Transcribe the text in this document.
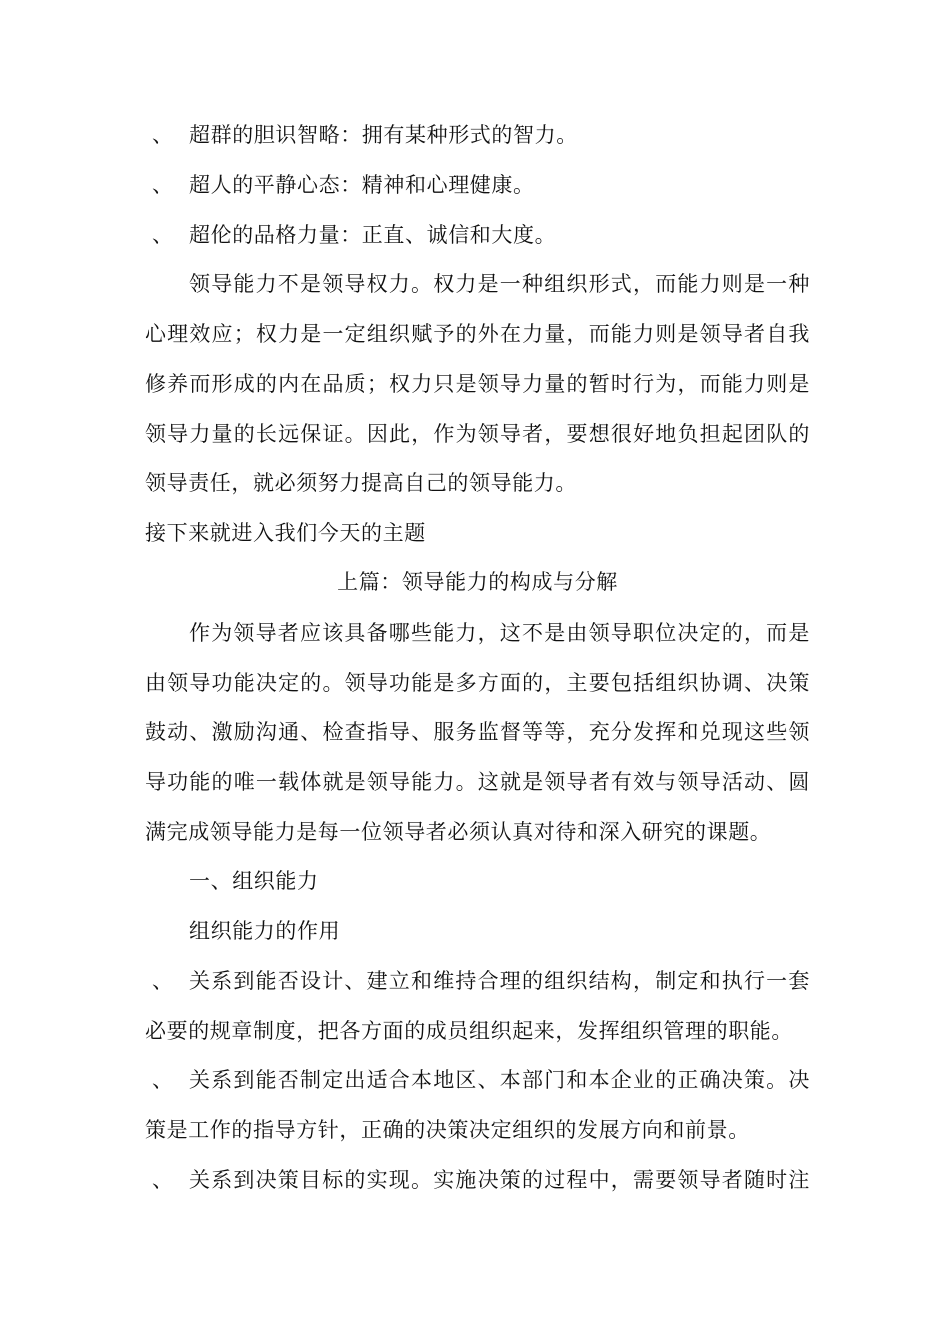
、 超群的胆识智略：拥有某种形式的智力。
、 超人的平静心态：精神和心理健康。
、 超伦的品格力量：正直、诚信和大度。
领导能力不是领导权力。权力是一种组织形式，而能力则是一种
心理效应；权力是一定组织赋予的外在力量，而能力则是领导者自我
修养而形成的内在品质；权力只是领导力量的暂时行为，而能力则是
领导力量的长远保证。因此，作为领导者，要想很好地负担起团队的
领导责任，就必须努力提高自己的领导能力。
接下来就进入我们今天的主题
上篇：领导能力的构成与分解
作为领导者应该具备哪些能力，这不是由领导职位决定的，而是
由领导功能决定的。领导功能是多方面的，主要包括组织协调、决策
鼓动、激励沟通、检查指导、服务监督等等，充分发挥和兑现这些领
导功能的唯一载体就是领导能力。这就是领导者有效与领导活动、圆
满完成领导能力是每一位领导者必须认真对待和深入研究的课题。
一、组织能力
组织能力的作用
、 关系到能否设计、建立和维持合理的组织结构，制定和执行一套
必要的规章制度，把各方面的成员组织起来，发挥组织管理的职能。
、 关系到能否制定出适合本地区、本部门和本企业的正确决策。决
策是工作的指导方针，正确的决策决定组织的发展方向和前景。
、 关系到决策目标的实现。实施决策的过程中，需要领导者随时注
